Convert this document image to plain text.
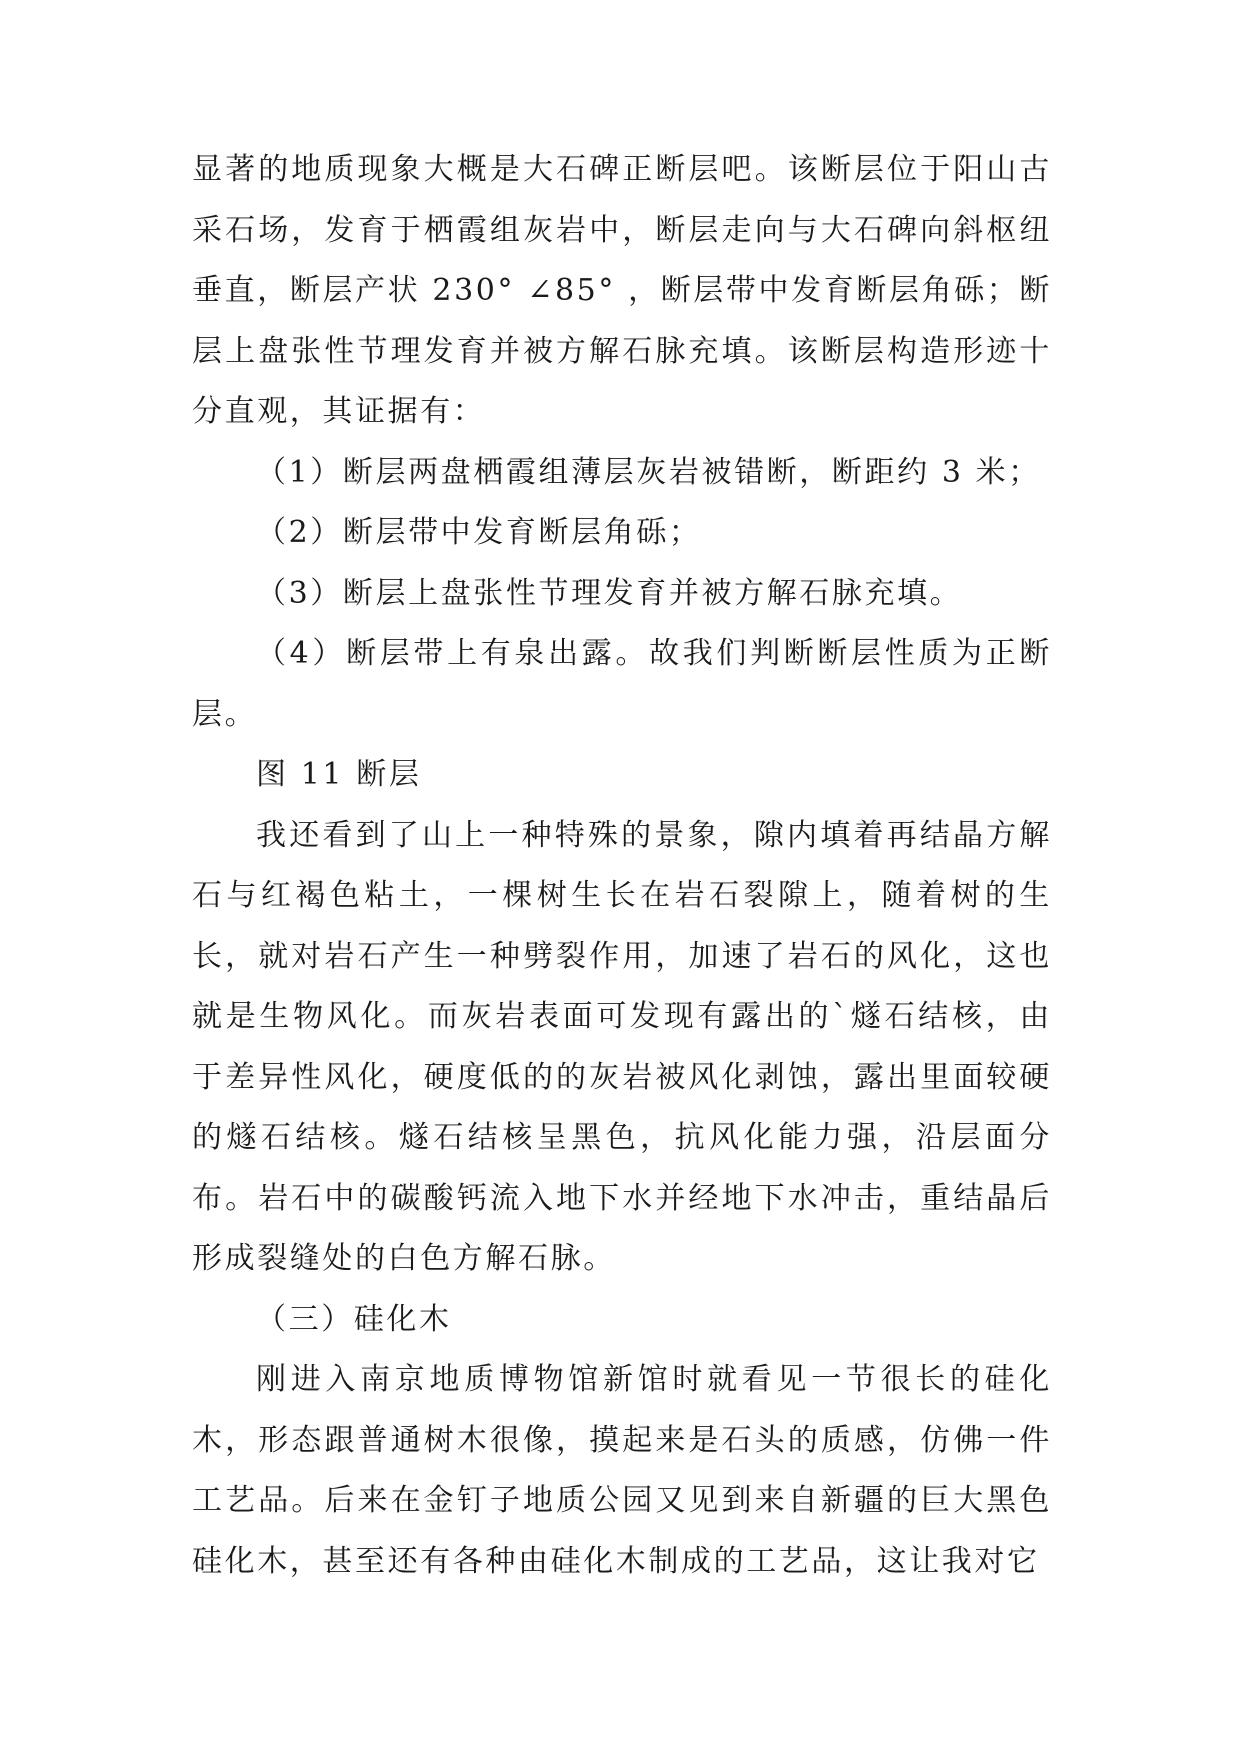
显著的地质现象大概是大石碑正断层吧。该断层位于阳山古采石场，发育于栖霞组灰岩中，断层走向与大石碑向斜枢纽垂直，断层产状 230° ∠85° ，断层带中发育断层角砾；断层上盘张性节理发育并被方解石脉充填。该断层构造形迹十分直观，其证据有：

（1）断层两盘栖霞组薄层灰岩被错断，断距约 3 米；

（2）断层带中发育断层角砾；

（3）断层上盘张性节理发育并被方解石脉充填。

（4）断层带上有泉出露。故我们判断断层性质为正断层。

图 11 断层

我还看到了山上一种特殊的景象，隙内填着再结晶方解石与红褐色粘土，一棵树生长在岩石裂隙上，随着树的生长，就对岩石产生一种劈裂作用，加速了岩石的风化，这也就是生物风化。而灰岩表面可发现有露出的`燧石结核，由于差异性风化，硬度低的的灰岩被风化剥蚀，露出里面较硬的燧石结核。燧石结核呈黑色，抗风化能力强，沿层面分布。岩石中的碳酸钙流入地下水并经地下水冲击，重结晶后形成裂缝处的白色方解石脉。

（三）硅化木

刚进入南京地质博物馆新馆时就看见一节很长的硅化木，形态跟普通树木很像，摸起来是石头的质感，仿佛一件工艺品。后来在金钉子地质公园又见到来自新疆的巨大黑色硅化木，甚至还有各种由硅化木制成的工艺品，这让我对它
